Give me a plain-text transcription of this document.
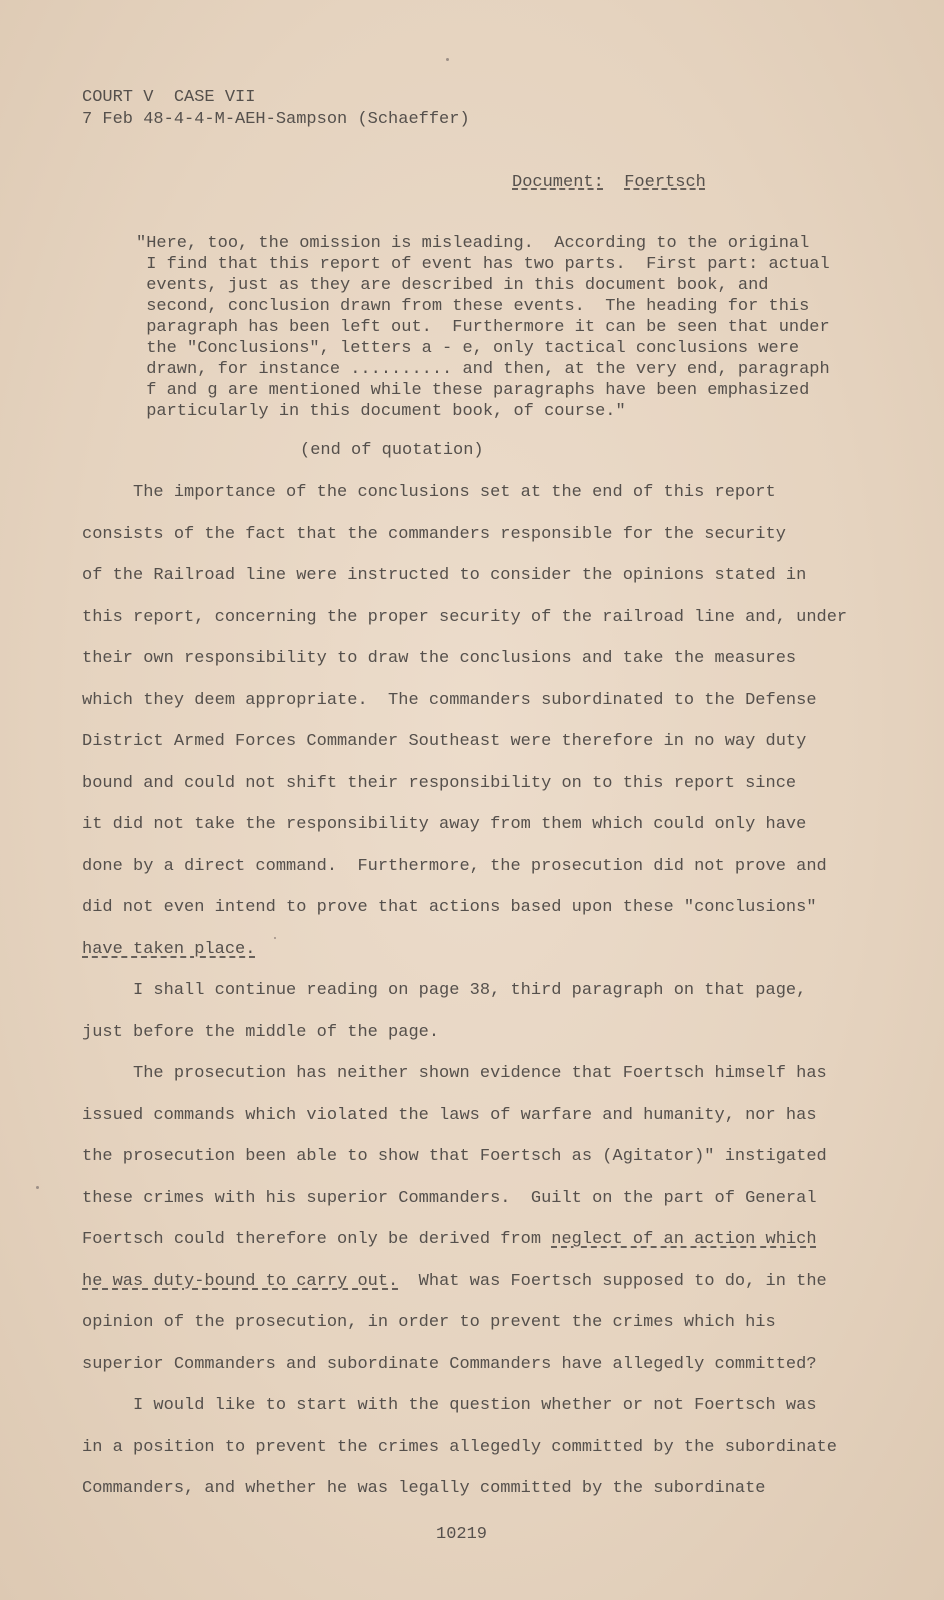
COURT V  CASE VII
7 Feb 48-4-4-M-AEH-Sampson (Schaeffer)
Document: Foertsch
"Here, too, the omission is misleading.  According to the original
I find that this report of event has two parts.  First part: actual
events, just as they are described in this document book, and
second, conclusion drawn from these events.  The heading for this
paragraph has been left out.  Furthermore it can be seen that under
the "Conclusions", letters a - e, only tactical conclusions were
drawn, for instance .......... and then, at the very end, paragraph
f and g are mentioned while these paragraphs have been emphasized
particularly in this document book, of course."
(end of quotation)
The importance of the conclusions set at the end of this report
consists of the fact that the commanders responsible for the security
of the Railroad line were instructed to consider the opinions stated in
this report, concerning the proper security of the railroad line and, under
their own responsibility to draw the conclusions and take the measures
which they deem appropriate.  The commanders subordinated to the Defense
District Armed Forces Commander Southeast were therefore in no way duty
bound and could not shift their responsibility on to this report since
it did not take the responsibility away from them which could only have
done by a direct command.  Furthermore, the prosecution did not prove and
did not even intend to prove that actions based upon these "conclusions"
have taken place.
I shall continue reading on page 38, third paragraph on that page,
just before the middle of the page.
The prosecution has neither shown evidence that Foertsch himself has
issued commands which violated the laws of warfare and humanity, nor has
the prosecution been able to show that Foertsch as (Agitator)" instigated
these crimes with his superior Commanders.  Guilt on the part of General
Foertsch could therefore only be derived from neglect of an action which
he was duty-bound to carry out.  What was Foertsch supposed to do, in the
opinion of the prosecution, in order to prevent the crimes which his
superior Commanders and subordinate Commanders have allegedly committed?
I would like to start with the question whether or not Foertsch was
in a position to prevent the crimes allegedly committed by the subordinate
Commanders, and whether he was legally committed by the subordinate
10219
